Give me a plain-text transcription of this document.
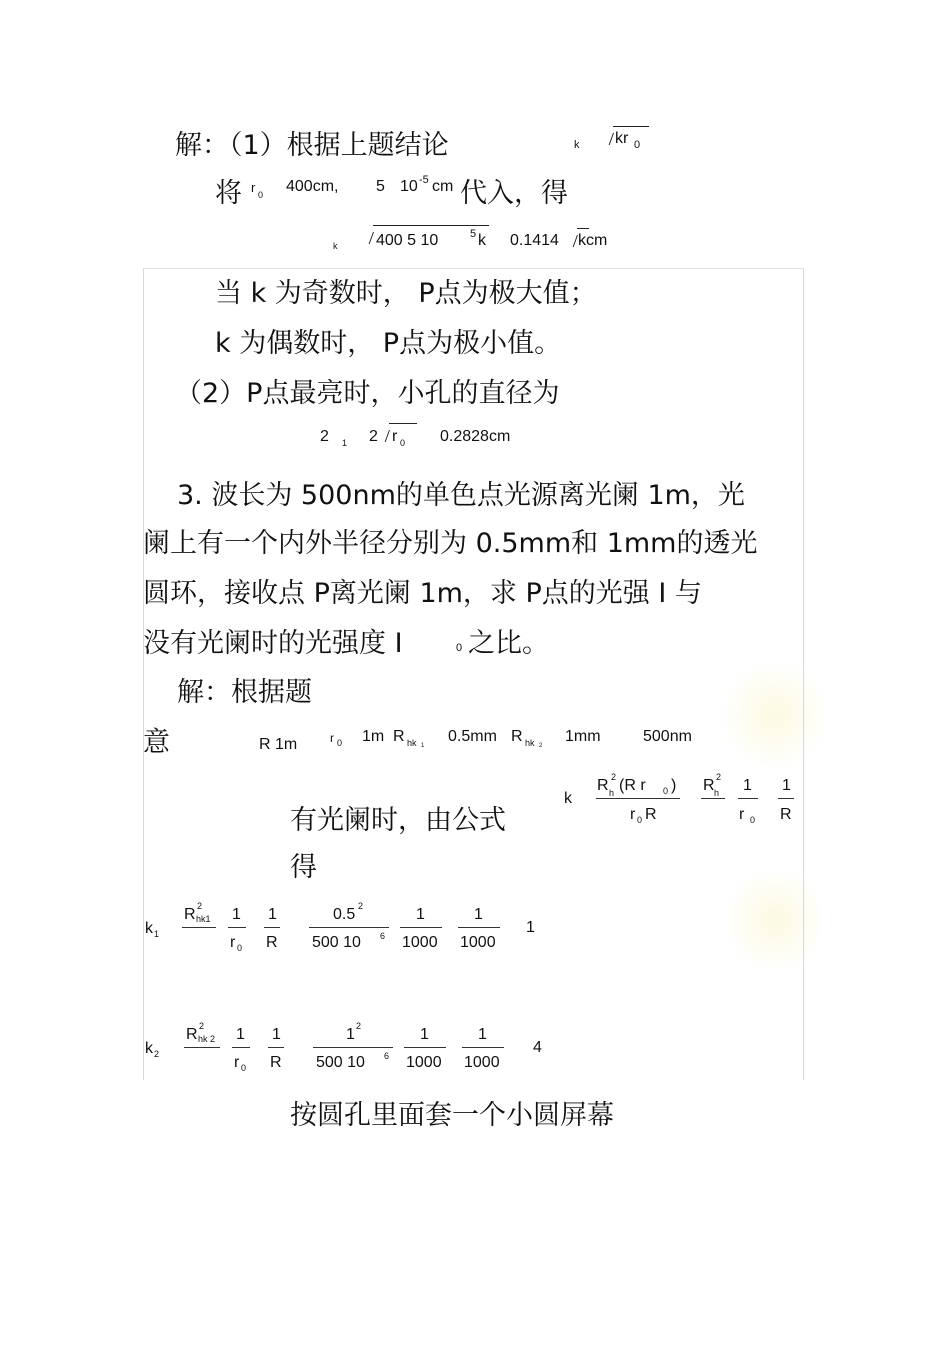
解：（1）根据上题结论	k kr 0
将 r 0 400cm, 5 10 -5 cm 代入，得
k 400 5 10	5 k 0.1414 kcm
当 k 为奇数时， P点为极大值；
k 为偶数时， P点为极小值。
（2）P点最亮时，小孔的直径为
2 1 2 r 0 0.2828cm
3. 波长为 500nm的单色点光源离光阑 1m，光
阑上有一个内外半径分别为 0.5mm和 1mm的透光
圆环，接收点 P离光阑 1m，求 P点的光强 I 与
没有光阑时的光强度 I	0 之比。
解：根据题
意	R 1m	r 0 1m R hk 1
0.5mm R hk 2
1mm	500nm
有光阑时，由公式
得
k
R 2
h (R r 0 )
r 0 R
R 2
h 1
r 0
1
R
k 1
R 2
hk1 1
r 0
1
R
0.5 2
500 10 6
1
1000
1
1000
1
k 2
R 2
hk 2 1
r 0
1
R
1 2
500 10 6
1
1000
1
1000
4
按圆孔里面套一个小圆屏幕
